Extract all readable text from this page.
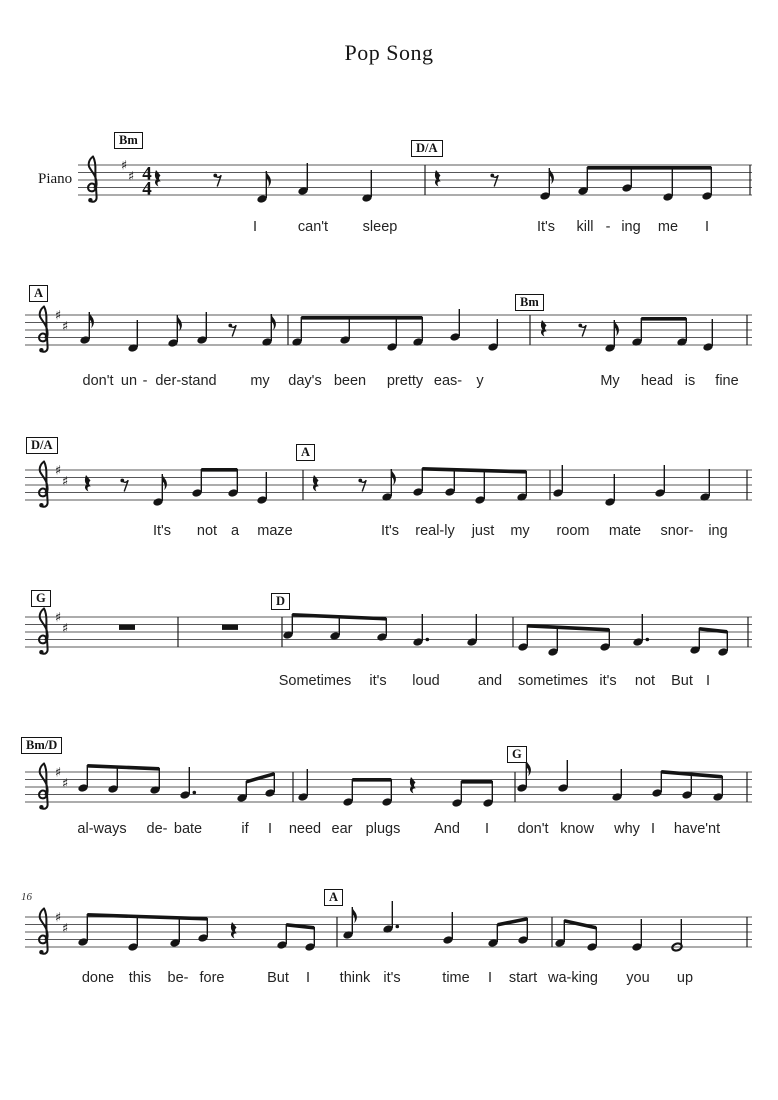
Pop Song
Piano
16
♯
♯ 4
4
♯
♯
♯
♯
♯
♯
♯
♯
♯
♯
Bm
D/A
I	can't sleep	It's kill - ing me I
A
Bm
don't un - der-stand my day's been pretty eas- y	My head is fine
D/A	A
It's not a maze	It's real-ly just my room mate snor- ing
G	D
Sometimes it's loud	and sometimes it's not But I
Bm/D
G
al-ways de- bate	if I need ear plugs And I don't know why I have'nt
A
done this be- fore	But I think it's	time I start wa-king you up
